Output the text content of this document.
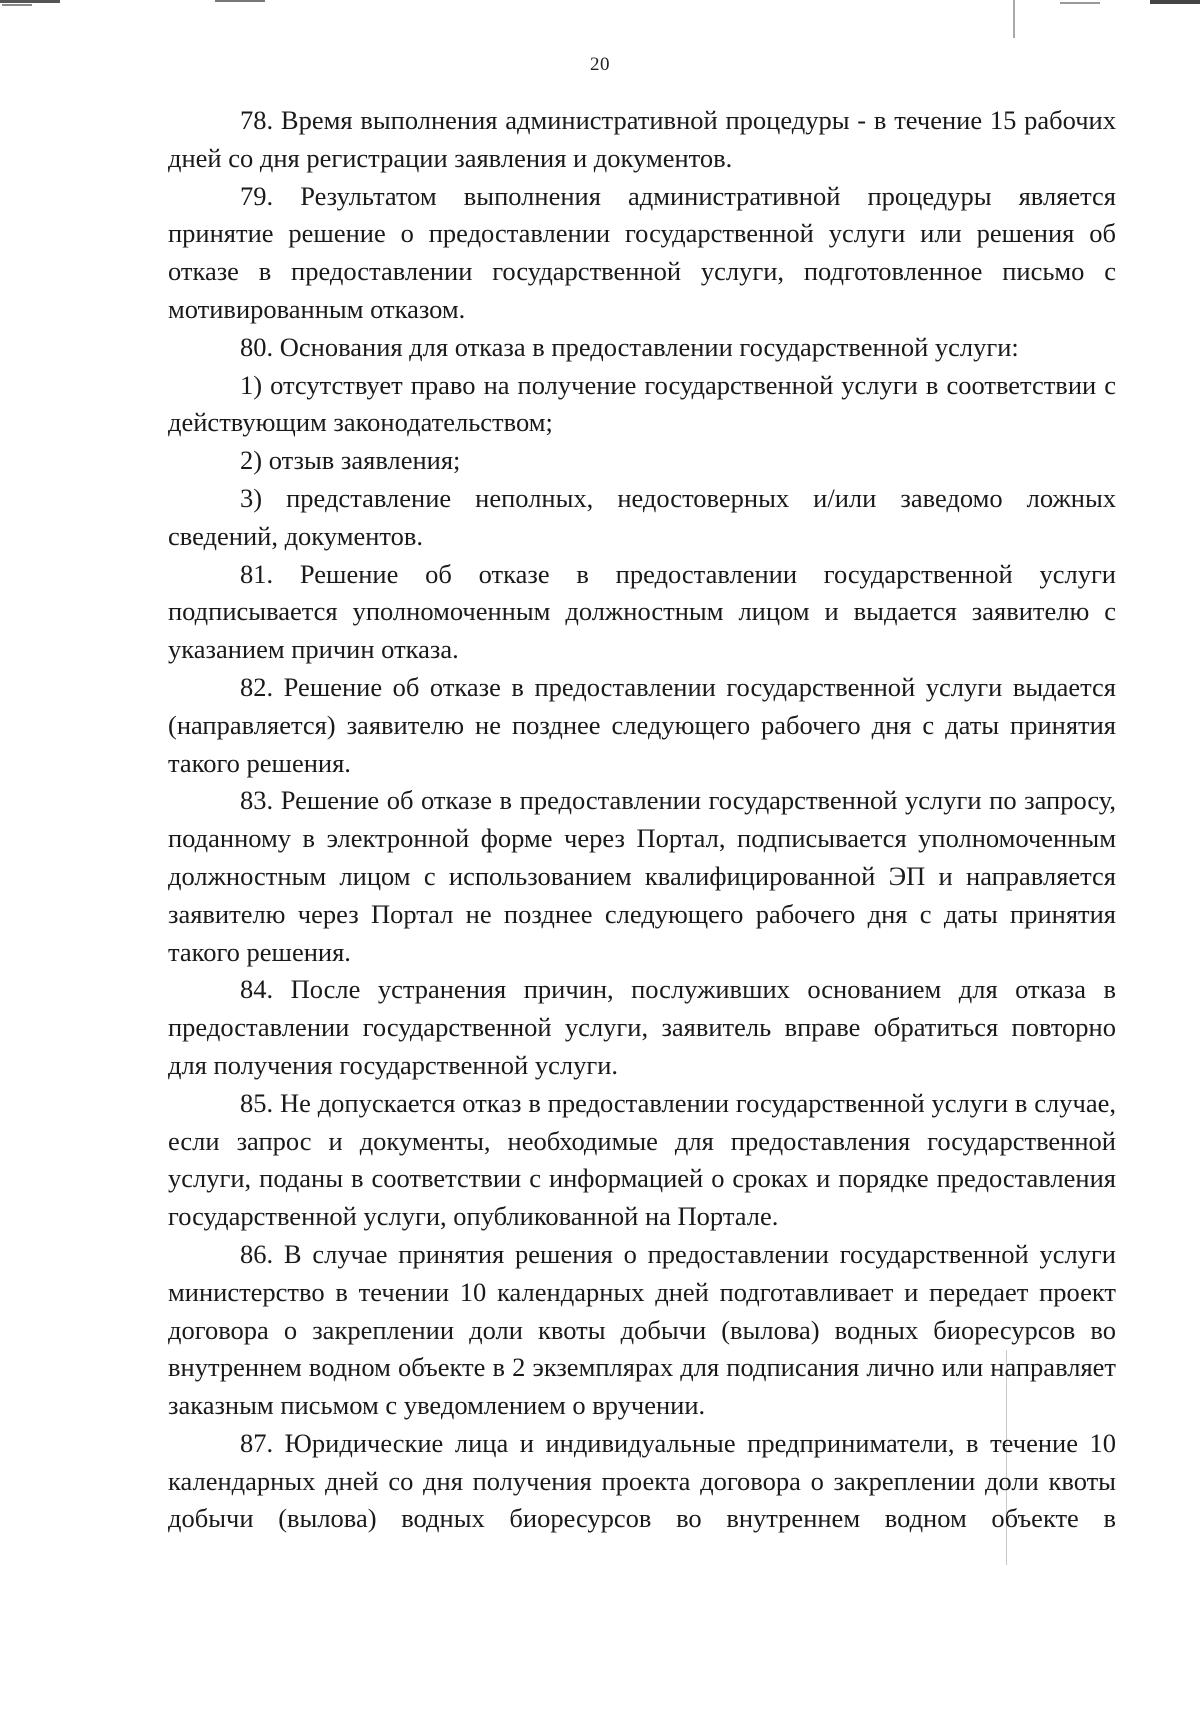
20

78. Время выполнения административной процедуры - в течение 15 рабочих дней со дня регистрации заявления и документов.

79. Результатом выполнения административной процедуры является принятие решение о предоставлении государственной услуги или решения об отказе в предоставлении государственной услуги, подготовленное письмо с мотивированным отказом.

80. Основания для отказа в предоставлении государственной услуги:

1) отсутствует право на получение государственной услуги в соответствии с действующим законодательством;

2) отзыв заявления;

3) представление неполных, недостоверных и/или заведомо ложных сведений, документов.

81. Решение об отказе в предоставлении государственной услуги подписывается уполномоченным должностным лицом и выдается заявителю с указанием причин отказа.

82. Решение об отказе в предоставлении государственной услуги выдается (направляется) заявителю не позднее следующего рабочего дня с даты принятия такого решения.

83. Решение об отказе в предоставлении государственной услуги по запросу, поданному в электронной форме через Портал, подписывается уполномоченным должностным лицом с использованием квалифицированной ЭП и направляется заявителю через Портал не позднее следующего рабочего дня с даты принятия такого решения.

84. После устранения причин, послуживших основанием для отказа в предоставлении государственной услуги, заявитель вправе обратиться повторно для получения государственной услуги.

85. Не допускается отказ в предоставлении государственной услуги в случае, если запрос и документы, необходимые для предоставления государственной услуги, поданы в соответствии с информацией о сроках и порядке предоставления государственной услуги, опубликованной на Портале.

86. В случае принятия решения о предоставлении государственной услуги министерство в течении 10 календарных дней подготавливает и передает проект договора о закреплении доли квоты добычи (вылова) водных биоресурсов во внутреннем водном объекте в 2 экземплярах для подписания лично или направляет заказным письмом с уведомлением о вручении.

87. Юридические лица и индивидуальные предприниматели, в течение 10 календарных дней со дня получения проекта договора о закреплении доли квоты добычи (вылова) водных биоресурсов во внутреннем водном объекте в
